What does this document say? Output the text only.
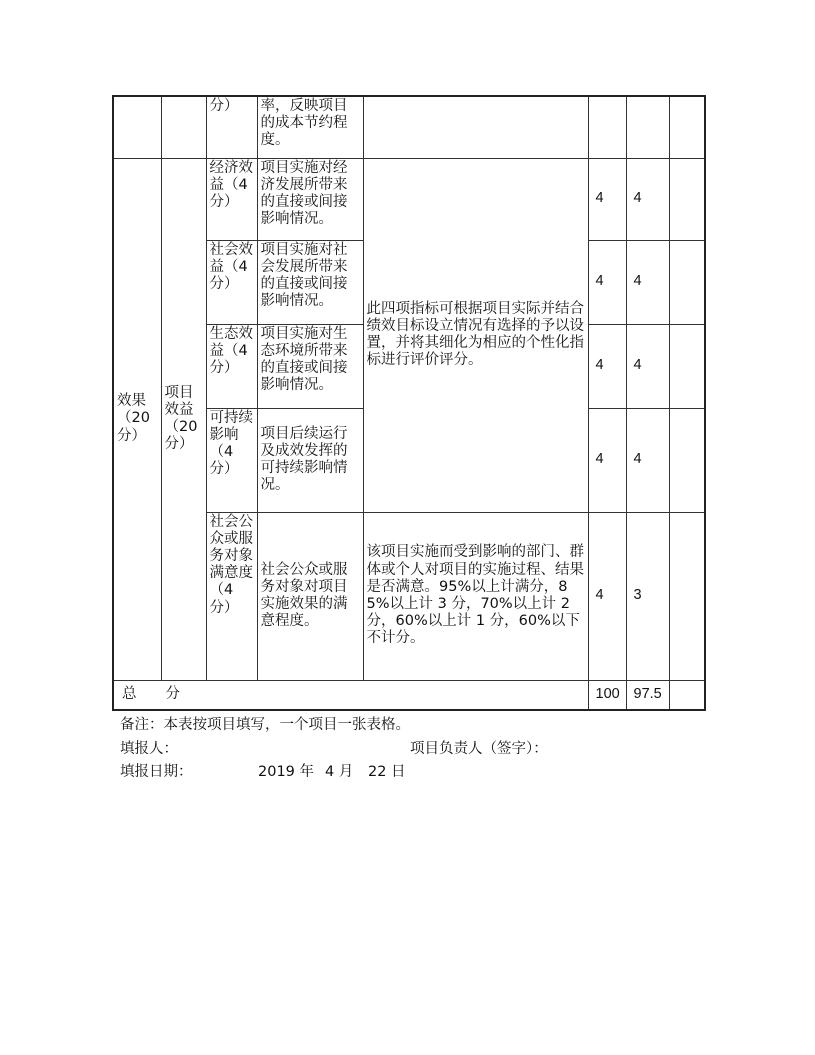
		分）	率，反映项目的成本节约程度。				
效果（20分）	项目效益（20分）	经济效益（4分）	项目实施对经济发展所带来的直接或间接影响情况。	此四项指标可根据项目实际并结合绩效目标设立情况有选择的予以设置，并将其细化为相应的个性化指标进行评价评分。	4	4	
		社会效益（4分）	项目实施对社会发展所带来的直接或间接影响情况。		4	4	
		生态效益（4分）	项目实施对生态环境所带来的直接或间接影响情况。		4	4	
		可持续影响（4分）	项目后续运行及成效发挥的可持续影响情况。		4	4	
		社会公众或服务对象满意度（4分）	社会公众或服务对象对项目实施效果的满意程度。	该项目实施而受到影响的部门、群体或个人对项目的实施过程、结果是否满意。95%以上计满分，85%以上计 3 分，70%以上计 2 分，60%以上计 1 分，60%以下不计分。	4	3	
总　　分					100	97.5	
备注：本表按项目填写，一个项目一张表格。
填报人：	项目负责人（签字）：
填报日期：	2019 年 4 月 22 日
